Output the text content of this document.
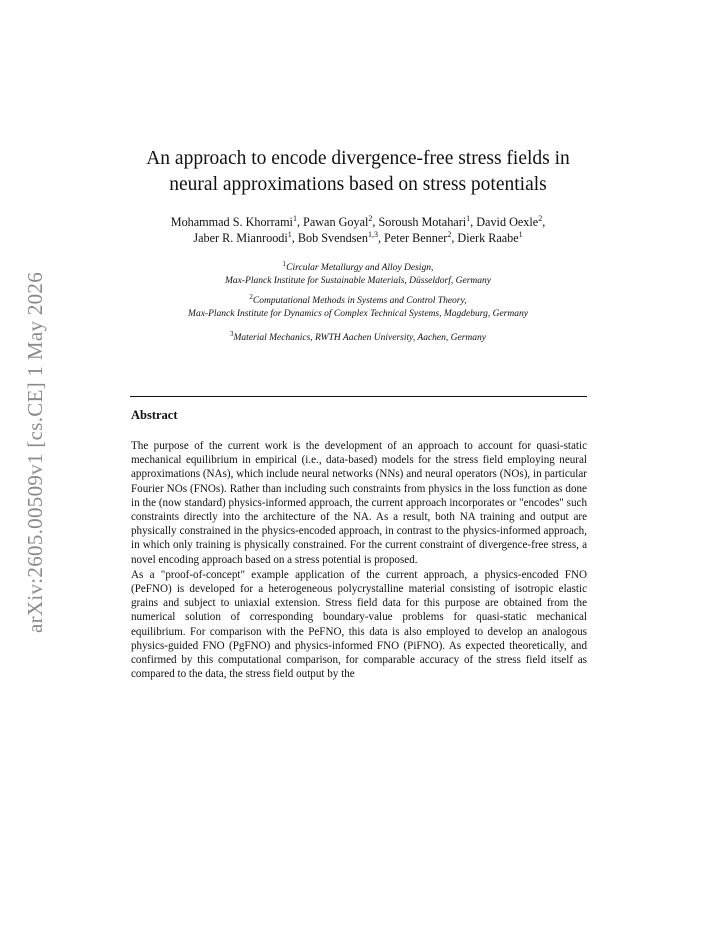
arXiv:2605.00509v1 [cs.CE] 1 May 2026
An approach to encode divergence-free stress fields in
neural approximations based on stress potentials
Mohammad S. Khorrami$^1$, Pawan Goyal$^2$, Soroush Motahari$^1$, David Oexle$^2$,
Jaber R. Mianroodi$^1$, Bob Svendsen$^{1,3}$, Peter Benner$^2$, Dierk Raabe$^1$
$^1$Circular Metallurgy and Alloy Design,
Max-Planck Institute for Sustainable Materials, Düsseldorf, Germany
$^2$Computational Methods in Systems and Control Theory,
Max-Planck Institute for Dynamics of Complex Technical Systems, Magdeburg, Germany
$^3$Material Mechanics, RWTH Aachen University, Aachen, Germany
Abstract

The purpose of the current work is the development of an approach to account for quasi-static mechanical equilibrium in empirical (i.e., data-based) models for the stress field employing neural approximations (NAs), which include neural networks (NNs) and neural operators (NOs), in particular Fourier NOs (FNOs). Rather than including such constraints from physics in the loss function as done in the (now standard) physics-informed approach, the current approach incorporates or "encodes" such constraints directly into the architecture of the NA. As a result, both NA training and output are physically constrained in the physics-encoded approach, in contrast to the physics-informed approach, in which only training is physically constrained. For the current constraint of divergence-free stress, a novel encoding approach based on a stress potential is proposed.

As a "proof-of-concept" example application of the current approach, a physics-encoded FNO (PeFNO) is developed for a heterogeneous polycrystalline material consisting of isotropic elastic grains and subject to uniaxial extension. Stress field data for this purpose are obtained from the numerical solution of corresponding boundary-value problems for quasi-static mechanical equilibrium. For comparison with the PeFNO, this data is also employed to develop an analogous physics-guided FNO (PgFNO) and physics-informed FNO (PiFNO). As expected theoretically, and confirmed by this computational comparison, for comparable accuracy of the stress field itself as compared to the data, the stress field output by the
